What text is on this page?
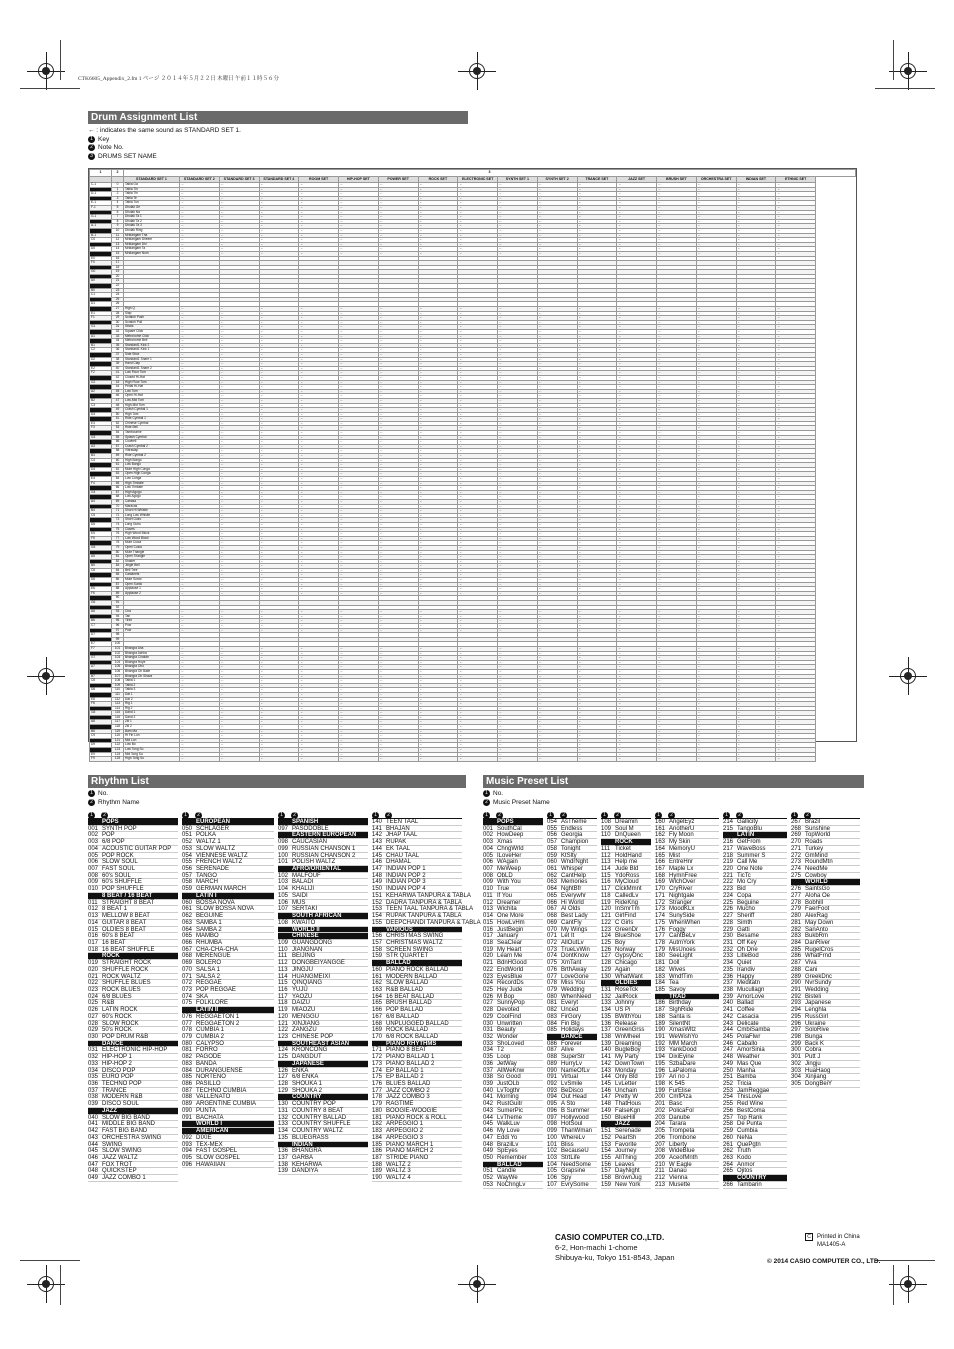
CTK6605_Appendix_2.fm 1 ページ ２０１４年５月２２日 木曜日 午前１１時５６分
Drum Assignment List
← : indicates the same sound as STANDARD SET 1.
1 Key
2 Note No.
3 DRUMS SET NAME
1	2	3																
		STANDARD SET 1	STANDARD SET 2	STANDARD SET 3	STANDARD SET 4	ROOM SET	HIP-HOP SET	POWER SET	ROCK SET	ELECTRONIC SET	SYNTH SET 1	SYNTH SET 2	TRANCE SET	JAZZ SET	BRUSH SET	ORCHESTRA SET	INDIAN SET	ETHNIC SET
C-1	0	Tabla Ga	←	←	←	←	←	←	←	←	←	←	←	←	←	←	←	←
	1	Tabla Tin	←	←	←	←	←	←	←	←	←	←	←	←	←	←	←	←
D-1	2	Tabla Tin	←	←	←	←	←	←	←	←	←	←	←	←	←	←	←	←
	3	Tabla Te	←	←	←	←	←	←	←	←	←	←	←	←	←	←	←	←
E-1	4	Tabla Tun	←	←	←	←	←	←	←	←	←	←	←	←	←	←	←	←
F-1	5	Dholak Ge	←	←	←	←	←	←	←	←	←	←	←	←	←	←	←	←
	6	Dholak Na	←	←	←	←	←	←	←	←	←	←	←	←	←	←	←	←
G-1	7	Dholak Ta 1	←	←	←	←	←	←	←	←	←	←	←	←	←	←	←	←
	8	Dholak Ta 2	←	←	←	←	←	←	←	←	←	←	←	←	←	←	←	←
A-1	9	Dholak Ta 3	←	←	←	←	←	←	←	←	←	←	←	←	←	←	←	←
	10	Dholak Ring	←	←	←	←	←	←	←	←	←	←	←	←	←	←	←	←
B-1	11	Mridangam Tha	←	←	←	←	←	←	←	←	←	←	←	←	←	←	←	←
C0	12	Mridangam Dheem	←	←	←	←	←	←	←	←	←	←	←	←	←	←	←	←
	13	Mridangam Dhi	←	←	←	←	←	←	←	←	←	←	←	←	←	←	←	←
D0	14	Mridangam Ta	←	←	←	←	←	←	←	←	←	←	←	←	←	←	←	←
	15	Mridangam Num	←	←	←	←	←	←	←	←	←	←	←	←	←	←	←	←
E0	16																	
F0	17																	
	18																	
G0	19																	
	20																	
A0	21																	
	22																	
B0	23																	
C1	24																	
	25																	
D1	26																	
	27	High Q	←	←	←	←	←	←	←	←	←	←	←	←	←	←	←	←
E1	28	Slap	←	←	←	←	←	←	←	←	←	←	←	←	←	←	←	←
F1	29	Scratch Push	←	←	←	←	←	←	←	←	←	←	←	←	←	←	←	←
	30	Scratch Pull	←	←	←	←	←	←	←	←	←	←	←	←	←	←	←	←
G1	31	Sticks	←	←	←	←	←	←	←	←	←	←	←	←	←	←	←	←
	32	Square Click	←	←	←	←	←	←	←	←	←	←	←	←	←	←	←	←
A1	33	Metronome Click	←	←	←	←	←	←	←	←	←	←	←	←	←	←	←	←
	34	Metronome Bell	←	←	←	←	←	←	←	←	←	←	←	←	←	←	←	←
B1	35	Standard1 Kick 2	←	←	←	←	←	←	←	←	←	←	←	←	←	←	←	←
C2	36	Standard1 Kick 1	←	←	←	←	←	←	←	←	←	←	←	←	←	←	←	←
	37	Side Stick	←	←	←	←	←	←	←	←	←	←	←	←	←	←	←	←
D2	38	Standard1 Snare 1	←	←	←	←	←	←	←	←	←	←	←	←	←	←	←	←
	39	Hand Clap	←	←	←	←	←	←	←	←	←	←	←	←	←	←	←	←
E2	40	Standard1 Snare 2	←	←	←	←	←	←	←	←	←	←	←	←	←	←	←	←
F2	41	Low Floor Tom	←	←	←	←	←	←	←	←	←	←	←	←	←	←	←	←
	42	Closed Hi-Hat	←	←	←	←	←	←	←	←	←	←	←	←	←	←	←	←
G2	43	High Floor Tom	←	←	←	←	←	←	←	←	←	←	←	←	←	←	←	←
	44	Pedal Hi-Hat	←	←	←	←	←	←	←	←	←	←	←	←	←	←	←	←
A2	45	Low Tom	←	←	←	←	←	←	←	←	←	←	←	←	←	←	←	←
	46	Open Hi-Hat	←	←	←	←	←	←	←	←	←	←	←	←	←	←	←	←
B2	47	Low-Mid Tom	←	←	←	←	←	←	←	←	←	←	←	←	←	←	←	←
C3	48	High-Mid Tom	←	←	←	←	←	←	←	←	←	←	←	←	←	←	←	←
	49	Crash Cymbal 1	←	←	←	←	←	←	←	←	←	←	←	←	←	←	←	←
D3	50	High Tom	←	←	←	←	←	←	←	←	←	←	←	←	←	←	←	←
	51	Ride Cymbal 1	←	←	←	←	←	←	←	←	←	←	←	←	←	←	←	←
E3	52	Chinese Cymbal	←	←	←	←	←	←	←	←	←	←	←	←	←	←	←	←
F3	53	Ride Bell	←	←	←	←	←	←	←	←	←	←	←	←	←	←	←	←
	54	Tambourine	←	←	←	←	←	←	←	←	←	←	←	←	←	←	←	←
G3	55	Splash Cymbal	←	←	←	←	←	←	←	←	←	←	←	←	←	←	←	←
	56	Cowbell	←	←	←	←	←	←	←	←	←	←	←	←	←	←	←	←
A3	57	Crash Cymbal 2	←	←	←	←	←	←	←	←	←	←	←	←	←	←	←	←
	58	Vibraslap	←	←	←	←	←	←	←	←	←	←	←	←	←	←	←	←
B3	59	Ride Cymbal 2	←	←	←	←	←	←	←	←	←	←	←	←	←	←	←	←
C4	60	High Bongo	←	←	←	←	←	←	←	←	←	←	←	←	←	←	←	←
	61	Low Bongo	←	←	←	←	←	←	←	←	←	←	←	←	←	←	←	←
D4	62	Mute High Conga	←	←	←	←	←	←	←	←	←	←	←	←	←	←	←	←
	63	Open High Conga	←	←	←	←	←	←	←	←	←	←	←	←	←	←	←	←
E4	64	Low Conga	←	←	←	←	←	←	←	←	←	←	←	←	←	←	←	←
F4	65	High Timbale	←	←	←	←	←	←	←	←	←	←	←	←	←	←	←	←
	66	Low Timbale	←	←	←	←	←	←	←	←	←	←	←	←	←	←	←	←
G4	67	High Agogo	←	←	←	←	←	←	←	←	←	←	←	←	←	←	←	←
	68	Low Agogo	←	←	←	←	←	←	←	←	←	←	←	←	←	←	←	←
A4	69	Cabasa	←	←	←	←	←	←	←	←	←	←	←	←	←	←	←	←
	70	Maracas	←	←	←	←	←	←	←	←	←	←	←	←	←	←	←	←
B4	71	Short Hi Whistle	←	←	←	←	←	←	←	←	←	←	←	←	←	←	←	←
C5	72	Long Low Whistle	←	←	←	←	←	←	←	←	←	←	←	←	←	←	←	←
	73	Short Guiro	←	←	←	←	←	←	←	←	←	←	←	←	←	←	←	←
D5	74	Long Guiro	←	←	←	←	←	←	←	←	←	←	←	←	←	←	←	←
	75	Claves	←	←	←	←	←	←	←	←	←	←	←	←	←	←	←	←
E5	76	High Wood Block	←	←	←	←	←	←	←	←	←	←	←	←	←	←	←	←
F5	77	Low Wood Block	←	←	←	←	←	←	←	←	←	←	←	←	←	←	←	←
	78	Mute Cuica	←	←	←	←	←	←	←	←	←	←	←	←	←	←	←	←
G5	79	Open Cuica	←	←	←	←	←	←	←	←	←	←	←	←	←	←	←	←
	80	Mute Triangle	←	←	←	←	←	←	←	←	←	←	←	←	←	←	←	←
A5	81	Open Triangle	←	←	←	←	←	←	←	←	←	←	←	←	←	←	←	←
	82	Shaker	←	←	←	←	←	←	←	←	←	←	←	←	←	←	←	←
B5	83	Jingle Bell	←	←	←	←	←	←	←	←	←	←	←	←	←	←	←	←
C6	84	Bell Tree	←	←	←	←	←	←	←	←	←	←	←	←	←	←	←	←
	85	Castanets	←	←	←	←	←	←	←	←	←	←	←	←	←	←	←	←
D6	86	Mute Surdo	←	←	←	←	←	←	←	←	←	←	←	←	←	←	←	←
	87	Open Surdo	←	←	←	←	←	←	←	←	←	←	←	←	←	←	←	←
E6	88	Applause 1	←	←	←	←	←	←	←	←	←	←	←	←	←	←	←	←
F6	89	Applause 2	←	←	←	←	←	←	←	←	←	←	←	←	←	←	←	←
	90																	
G6	91																	
	92																	
A6	93	Cha	←	←	←	←	←	←	←	←	←	←	←	←	←	←	←	←
	94	Tan	←	←	←	←	←	←	←	←	←	←	←	←	←	←	←	←
B6	95	Tirkit	←	←	←	←	←	←	←	←	←	←	←	←	←	←	←	←
C7	96	Pow	←	←	←	←	←	←	←	←	←	←	←	←	←	←	←	←
	97	Pow	←	←	←	←	←	←	←	←	←	←	←	←	←	←	←	←
D7	98																	
	99																	
E7	100																	
F7	101	Bhangra Aha	←	←	←	←	←	←	←	←	←	←	←	←	←	←	←	←
	102	Bhangra Achha	←	←	←	←	←	←	←	←	←	←	←	←	←	←	←	←
G7	103	Bhangra Chakde	←	←	←	←	←	←	←	←	←	←	←	←	←	←	←	←
	104	Bhangra Hoye	←	←	←	←	←	←	←	←	←	←	←	←	←	←	←	←
A7	105	Bhangra Oho	←	←	←	←	←	←	←	←	←	←	←	←	←	←	←	←
	106	Bhangra Oh Balle	←	←	←	←	←	←	←	←	←	←	←	←	←	←	←	←
B7	107	Bhangra Oh Shava	←	←	←	←	←	←	←	←	←	←	←	←	←	←	←	←
C8	108	Tabla 1	←	←	←	←	←	←	←	←	←	←	←	←	←	←	←	←
	109	Tabla 2	←	←	←	←	←	←	←	←	←	←	←	←	←	←	←	←
D8	110	Tabla 3	←	←	←	←	←	←	←	←	←	←	←	←	←	←	←	←
	111	Dat 1	←	←	←	←	←	←	←	←	←	←	←	←	←	←	←	←
E8	112	Dat 2	←	←	←	←	←	←	←	←	←	←	←	←	←	←	←	←
F8	113	Rig 1	←	←	←	←	←	←	←	←	←	←	←	←	←	←	←	←
	114	Rig 2	←	←	←	←	←	←	←	←	←	←	←	←	←	←	←	←
G8	115	Dand 1	←	←	←	←	←	←	←	←	←	←	←	←	←	←	←	←
	116	Dand 2	←	←	←	←	←	←	←	←	←	←	←	←	←	←	←	←
A8	117	Zill 1	←	←	←	←	←	←	←	←	←	←	←	←	←	←	←	←
	118	Zill 2	←	←	←	←	←	←	←	←	←	←	←	←	←	←	←	←
B8	119	Bam Ma	←	←	←	←	←	←	←	←	←	←	←	←	←	←	←	←
C9	120	Hi Fin Lon	←	←	←	←	←	←	←	←	←	←	←	←	←	←	←	←
	121	Mid Lon	←	←	←	←	←	←	←	←	←	←	←	←	←	←	←	←
D9	122	Low Bo	←	←	←	←	←	←	←	←	←	←	←	←	←	←	←	←
	123	Low Tong Su	←	←	←	←	←	←	←	←	←	←	←	←	←	←	←	←
E9	124	Mid Tong Su	←	←	←	←	←	←	←	←	←	←	←	←	←	←	←	←
F9	125	High Tong Su	←	←	←	←	←	←	←	←	←	←	←	←	←	←	←	←
Rhythm List
1 No.
2 Rhythm Name
1 2
POPS
001 SYNTH POP
002 POP
003 6/8 POP
004 ACOUSTIC GUITAR POP
005 POP ROCK
006 SLOW SOUL
007 FAST SOUL
008 60's SOUL
009 60's SHUFFLE
010 POP SHUFFLE
8 BEAT / 16 BEAT
011 STRAIGHT 8 BEAT
012 8 BEAT 1
013 MELLOW 8 BEAT
014 GUITAR 8 BEAT
015 OLDIES 8 BEAT
016 60's 8 BEAT
017 16 BEAT
018 16 BEAT SHUFFLE
ROCK
019 STRAIGHT ROCK
020 SHUFFLE ROCK
021 ROCK WALTZ
022 SHUFFLE BLUES
023 ROCK BLUES
024 6/8 BLUES
025 R&B
026 LATIN ROCK
027 60's ROCK
028 SLOW ROCK
029 50's ROCK
030 POP DRUM R&B
DANCE
031 ELECTRONIC HIP-HOP
032 HIP-HOP 1
033 HIP-HOP 2
034 DISCO POP
035 EURO POP
036 TECHNO POP
037 TRANCE
038 MODERN R&B
039 DISCO SOUL
JAZZ
040 SLOW BIG BAND
041 MIDDLE BIG BAND
042 FAST BIG BAND
043 ORCHESTRA SWING
044 SWING
045 SLOW SWING
046 JAZZ WALTZ
047 FOX TROT
048 QUICKSTEP
049 JAZZ COMBO 1
1 2
EUROPEAN
050 SCHLAGER
051 POLKA
052 WALTZ 1
053 SLOW WALTZ
054 VIENNESE WALTZ
055 FRENCH WALTZ
056 SERENADE
057 TANGO
058 MARCH
059 GERMAN MARCH
LATIN I
060 BOSSA NOVA
061 SLOW BOSSA NOVA
062 BEGUINE
063 SAMBA 1
064 SAMBA 2
065 MAMBO
066 RHUMBA
067 CHA-CHA-CHA
068 MERENGUE
069 BOLERO
070 SALSA 1
071 SALSA 2
072 REGGAE
073 POP REGGAE
074 SKA
075 FOLKLORE
LATIN II
076 REGGAETON 1
077 REGGAETON 2
078 CUMBIA 1
079 CUMBIA 2
080 CALYPSO
081 FORRO
082 PAGODE
083 BANDA
084 DURANGUENSE
085 NORTENO
086 PASILLO
087 TECHNO CUMBIA
088 VALLENATO
089 ARGENTINE CUMBIA
090 PUNTA
091 BACHATA
WORLD I
AMERICAN
092 DIXIE
093 TEX-MEX
094 FAST GOSPEL
095 SLOW GOSPEL
096 HAWAIIAN
1 2
SPANISH
097 PASODOBLE
EASTERN EUROPEAN
098 CAUCASIAN
099 RUSSIAN CHANSON 1
100 RUSSIAN CHANSON 2
101 POLISH WALTZ
AFRO/ORIENTAL
102 MALFOUF
103 BALADI
104 KHALIJI
105 SAIDI
106 MUS
107 SERTAKI
SOUTH AFRICAN
108 KWAITO
WORLD II
CHINESE
109 GUANGDONG
110 JIANGNAN
111 BEIJING
112 DONGBEIYANGGE
113 JINGJU
114 HUANGMEIXI
115 QINQIANG
116 YUJU
117 YAOZU
118 DAIZU
119 MIAOZU
120 MENGGU
121 XINJIANG
122 ZANGZU
123 CHINESE POP
SOUTHEAST ASIAN
124 KRONCONG
125 DANGDUT
JAPANESE
126 ENKA
127 6/8 ENKA
128 SHOUKA 1
129 SHOUKA 2
COUNTRY
130 COUNTRY POP
131 COUNTRY 8 BEAT
132 COUNTRY BALLAD
133 COUNTRY SHUFFLE
134 COUNTRY WALTZ
135 BLUEGRASS
INDIAN
136 BHANGRA
137 GARBA
138 KEHARWA
139 DANDIYA
1 2
140 TEEN TAAL
141 BHAJAN
142 JHAP TAAL
143 RUPAK
144 EK TAAL
145 CHAU TAAL
146 DHAMAL
147 INDIAN POP 1
148 INDIAN POP 2
149 INDIAN POP 3
150 INDIAN POP 4
151 KEHARWA TANPURA & TABLA
152 DADRA TANPURA & TABLA
153 TEEN TAAL TANPURA & TABLA
154 RUPAK TANPURA & TABLA
155 DEEPCHANDI TANPURA & TABLA
VARIOUS
156 CHRISTMAS SWING
157 CHRISTMAS WALTZ
158 SCREEN SWING
159 STR QUARTET
BALLAD
160 PIANO ROCK BALLAD
161 MODERN BALLAD
162 SLOW BALLAD
163 R&B BALLAD
164 16 BEAT BALLAD
165 BRUSH BALLAD
166 POP BALLAD
167 6/8 BALLAD
168 UNPLUGGED BALLAD
169 ROCK BALLAD
170 6/8 ROCK BALLAD
PIANO RHYTHMS
171 PIANO 8 BEAT
172 PIANO BALLAD 1
173 PIANO BALLAD 2
174 EP BALLAD 1
175 EP BALLAD 2
176 BLUES BALLAD
177 JAZZ COMBO 2
178 JAZZ COMBO 3
179 RAGTIME
180 BOOGIE-WOOGIE
181 PIANO ROCK & ROLL
182 ARPEGGIO 1
183 ARPEGGIO 2
184 ARPEGGIO 3
185 PIANO MARCH 1
186 PIANO MARCH 2
187 STRIDE PIANO
188 WALTZ 2
189 WALTZ 3
190 WALTZ 4
Music Preset List
1 No.
2 Music Preset Name
1 2
POPS
001 SouthCal
002 HowDeep
003 Xmas
004 ChngWrld
005 ILoveHer
006 WAgain
007 MeWeep
008 ObLD
009 With You
010 True
011 If You
012 Dreamer
013 Wichita
014 One More
015 HowLvHm
016 JustBegin
017 January
018 SeaClear
019 My Heart
020 Learn Me
021 BdnHGood
022 EndWorld
023 EyesBlue
024 RecordDs
025 Hey Jude
026 M Bop
027 SunnyPop
028 Devoted
029 CoolFind
030 Unwritten
031 Beauty
032 Wonder
033 ShoLoved
034 T2
035 Loop
036 JetWay
037 AllWeKnw
038 So Good
039 JustOLb
040 LvTogthr
041 Morning
042 RustGuitr
043 SumerPic
044 LvTheme
045 WalkLuv
046 My Love
047 Eddi Yo
048 BrazilLv
049 SpEyes
050 Remember
BALLAD
051 Candle
052 WayWe
053 NoChngLv
1 2
054 AsTheme
055 Endless
056 Georgia
057 Champion
058 Tonight
059 KtSlty
060 WndrNght
061 Whisper
062 CantHelp
063 Memories
064 NghtBfr
065 Everywhr
066 Hi World
067 Al Olds
068 Best Lady
069 CantFly
070 My Wings
071 Let It
072 AllOutLv
073 TrueLvWin
074 DontKnow
075 XmTant
076 BrthAway
077 LoveGone
078 Miss You
079 Wedding
080 WhenNeed
081 Everyt
082 Unced
083 FirGory
084 Fin Blg
085 Holidays
DANCE
086 Forever
087 Alive
088 SuperStr
089 HurryLv
090 NameOfLv
091 Virtual
092 LvSmile
093 BeDisco
094 Out Head
095 A Sto
096 B Summer
097 Hollywood
098 HotSoul
099 ThanWman
100 WhereLv
101 Bliss
102 BecauseU
103 StrtLife
104 NeedSome
105 Grapsine
106 Spy
107 EvrySome
1 2
108 Dreamin
109 Soul M
110 DnQueen
ROCK
111 Ticket
112 HoldHand
113 Help me
114 Jude Bld
115 YdoRoss
116 MyCloud
117 ClckMmnt
118 CalledLv
119 RideKng
120 InSmrTm
121 GirlFind
122 C Girls
123 GreenDr
124 BlueShoe
125 Boy
126 Norway
127 GypsyOnc
128 Chicago
129 Again
130 WhatWant
OLDIES
131 RoseTck
132 JailRock
133 Johnny
134 US Pi
135 BWithYou
136 Release
137 GreenGrss
138 WnMheel
139 Dreaming
140 BugleBoy
141 My Party
142 DownTown
143 Monday
144 Only Bld
145 LvLetter
146 Unchain
147 Pretty W
148 ThatHous
149 FalseKgn
150 BlueHill
JAZZ
151 Serenade
152 PearlSh
153 Favorite
154 Journey
155 AllThing
156 Leaves
157 DayNight
158 BrownJug
159 New York
1 2
160 AngelEyz
161 AnotherU
162 Fly Moon
163 My Skin
164 MemoryU
165 Mist
166 EntreHnr
167 Maple Lx
168 HymnFree
169 WlchOver
170 CryRiver
171 Nightgale
172 Stranger
173 MoodKLx
174 SunySide
175 WhenWhen
176 Foggy
177 CantBeLv
178 AutmYork
179 MisUnoes
180 SeeLight
181 Doll
182 Wives
183 WndfTim
184 Tea
185 Savoy
TRAD
186 Birthday
187 SlghRide
188 Santa is
189 SilentNt
190 XmasWltz
191 WeWishYo
192 MM March
193 YankDood
194 DixiEyine
195 SzbaDare
196 LaPaloma
197 Ari no J
198 K 545
199 FurElise
200 CmfPiza
201 Basc
202 PolicaFol
203 Danube
204 Tarara
205 Trompeta
206 Trombone
207 Liberty
208 WideBlue
209 AceofMnth
210 W Eagle
211 Danau
212 Vienna
213 Musette
1 2
214 Gallicity
215 TangoBlu
LATIN
216 GetFrom
217 WaveBoss
218 Summer S
219 Call Me
220 One Note
221 TicTc
222 Mo Cry
223 Bid
224 Copa
225 Beguine
226 Mucho
227 Sheriff
228 Simth
229 Gatti
230 Besame
231 Off Key
232 Oh Dne
233 LitleBod
234 Quiet
235 Irandiv
236 Happy
237 Meditatn
238 Mucullagn
239 AmorLove
240 Ballad
241 Coffee
242 Casacia
243 Delicate
244 CmbiSamba
245 PolaFlwr
246 Caballo
247 AmorSinia
248 Weather
249 Mas Que
250 Manha
251 Bamba
252 Tricia
253 JamReggae
254 ThisLove
255 Red Wine
256 BestComa
257 Top Rank
258 De Punta
259 Cumbia
260 NeNa
261 QuePgtn
262 Truth
263 Kodo
264 Anmor
265 Ojitos
COUNTRY
266 Tambarin
1 2
267 Brazil
268 Sunshine
269 TopWorld
270 Roads
271 Turkey
272 GmMind
273 RoundMtn
274 NeedMe
275 Cowboy
WORLD
276 SaintsGo
277 Aloha Oe
278 Bobhill
279 FaerFoot
280 AlexRag
281 May Down
282 SanAnto
283 BukbRm
284 DanRiver
285 RugelCros
286 WhatFrnd
287 Viva
288 Cani
289 GreekDnc
290 NvrSundy
291 Wedding
292 Bisteli
293 Japanese
294 Lenghla
295 RussGirl
296 Ukraine
297 SoloRive
298 Bunga
299 Back K
300 Cobra
301 Putt J
302 Jingju
303 HuaHaog
304 Xinjiang
305 DongBeiY
CASIO COMPUTER CO.,LTD.
6-2, Hon-machi 1-chome
Shibuya-ku, Tokyo 151-8543, Japan
C Printed in China
MA1405-A
© 2014 CASIO COMPUTER CO., LTD.
